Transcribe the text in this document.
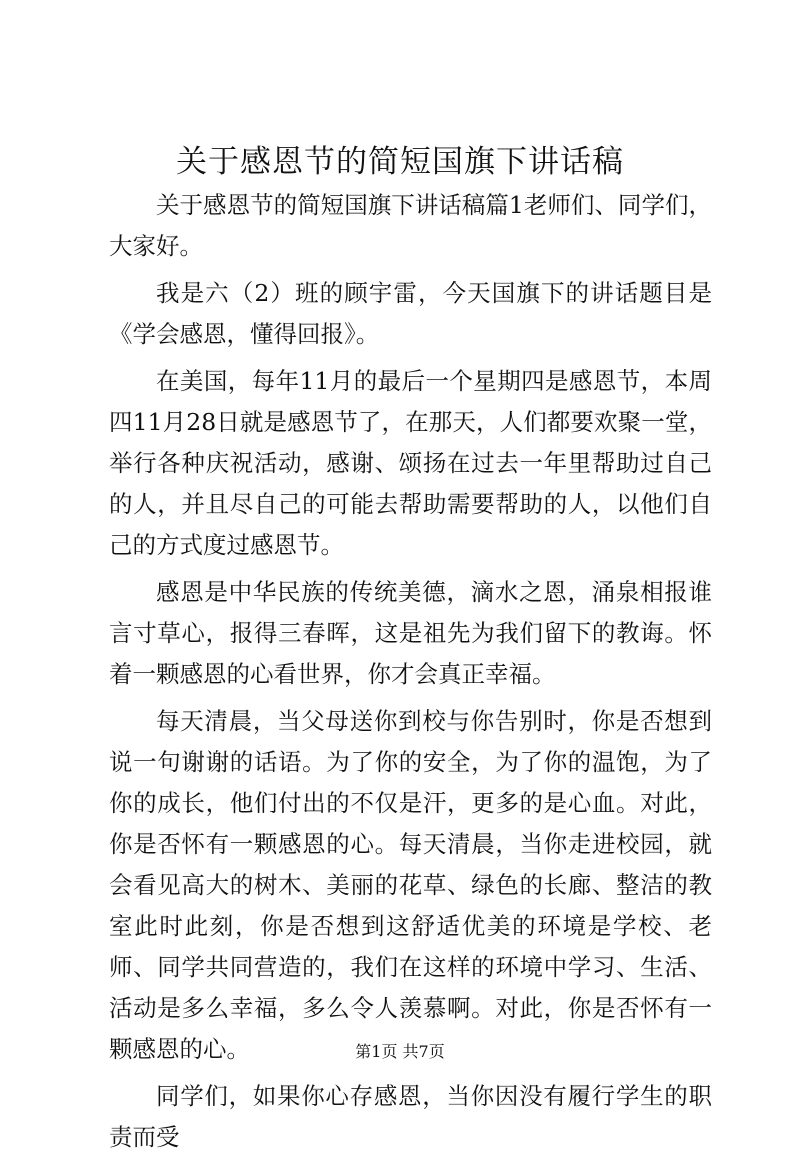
关于感恩节的简短国旗下讲话稿

关于感恩节的简短国旗下讲话稿篇1老师们、同学们，大家好。

我是六（2）班的顾宇雷，今天国旗下的讲话题目是《学会感恩，懂得回报》。

在美国，每年11月的最后一个星期四是感恩节，本周四11月28日就是感恩节了，在那天，人们都要欢聚一堂，举行各种庆祝活动，感谢、颂扬在过去一年里帮助过自己的人，并且尽自己的可能去帮助需要帮助的人，以他们自己的方式度过感恩节。

感恩是中华民族的传统美德，滴水之恩，涌泉相报谁言寸草心，报得三春晖，这是祖先为我们留下的教诲。怀着一颗感恩的心看世界，你才会真正幸福。

每天清晨，当父母送你到校与你告别时，你是否想到说一句谢谢的话语。为了你的安全，为了你的温饱，为了你的成长，他们付出的不仅是汗，更多的是心血。对此，你是否怀有一颗感恩的心。每天清晨，当你走进校园，就会看见高大的树木、美丽的花草、绿色的长廊、整洁的教室此时此刻，你是否想到这舒适优美的环境是学校、老师、同学共同营造的，我们在这样的环境中学习、生活、活动是多么幸福，多么令人羡慕啊。对此，你是否怀有一颗感恩的心。

同学们，如果你心存感恩，当你因没有履行学生的职责而受

第1页 共7页
